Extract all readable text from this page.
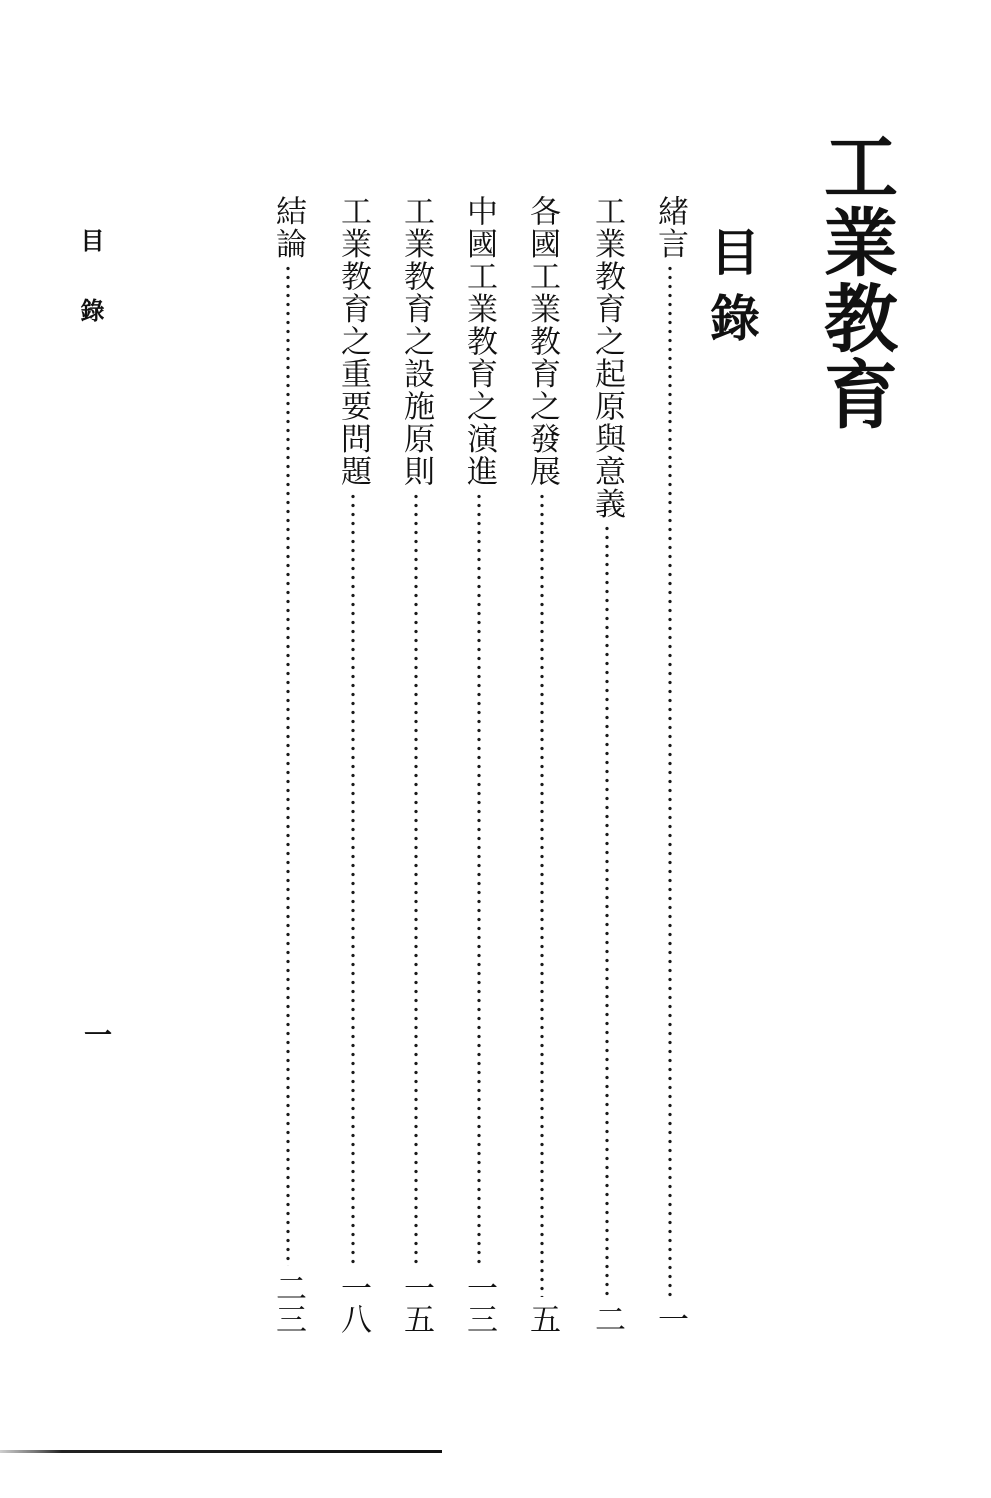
工業教育
目錄
緒言
一
工業教育之起原與意義
二
各國工業教育之發展
五
中國工業教育之演進
一三
工業教育之設施原則
一五
工業教育之重要問題
一八
結論
二三
目錄
一
